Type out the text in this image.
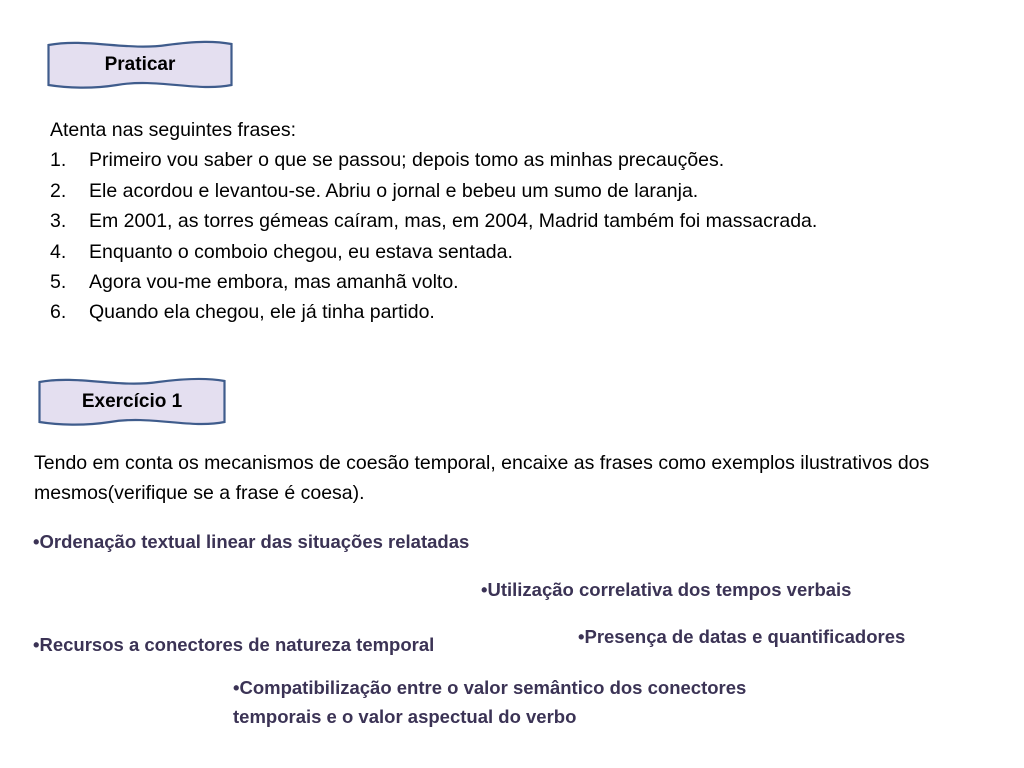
Praticar

Atenta nas seguintes frases:

1. Primeiro vou saber o que se passou; depois tomo as minhas precauções.
2. Ele acordou e levantou-se. Abriu o jornal e bebeu um sumo de laranja.
3. Em 2001, as torres gémeas caíram, mas, em 2004, Madrid também foi massacrada.
4. Enquanto o comboio chegou, eu estava sentada.
5. Agora vou-me embora, mas amanhã volto.
6. Quando ela chegou, ele já tinha partido.
Exercício 1

Tendo em conta os mecanismos de coesão temporal, encaixe as frases como exemplos ilustrativos dos mesmos(verifique se a frase é coesa).

•Ordenação textual linear das situações relatadas
•Utilização correlativa dos tempos verbais
•Recursos a conectores de natureza temporal	•Presença de datas e quantificadores
•Compatibilização entre o valor semântico dos conectores temporais e o valor aspectual do verbo
